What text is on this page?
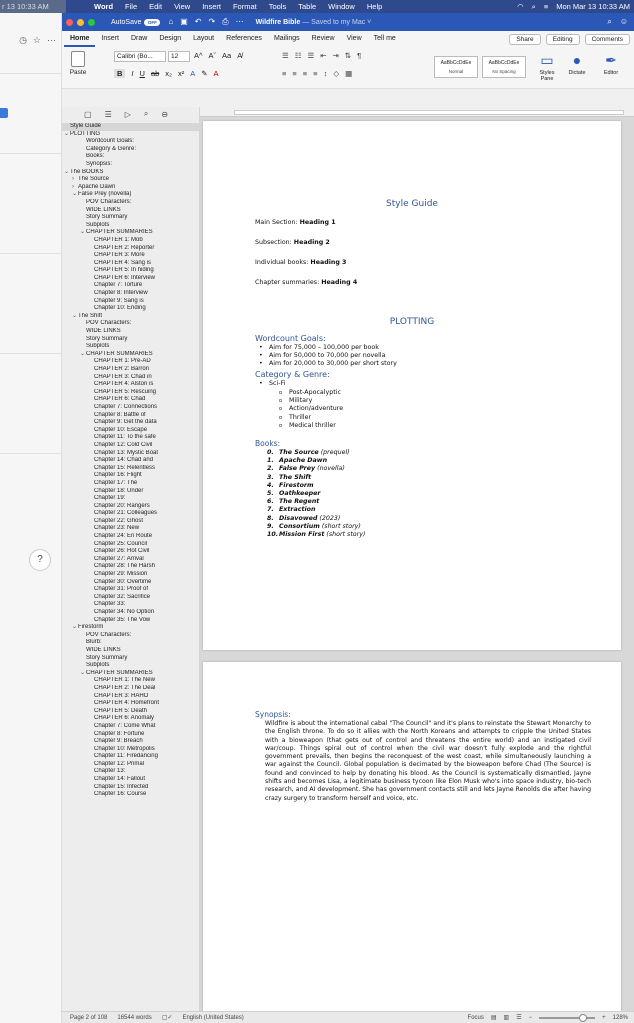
r 13 10:33 AM	Word	File	Edit	View	Insert	Format	Tools	Table	Window	Help	◠ ⌕ ≡ Mon Mar 13 10:33 AM
◷ ☆ ⋯
?
AutoSave	OFF	⌂ ▣ ↶ ↷ ⎙ ⋯ Wildfire Bible — Saved to my Mac ˅	⌕ ☺
Home	Insert	Draw	Design	Layout	References	Mailings	Review	View	Tell me	Share	Editing	Comments
Paste
Calibri (Bo...	12
B	I U ab x₂ x² A ✎ A
A^ Aˇ Aa A̸	☰ ☷ ☰ ⇤ ⇥ ⇅ ¶
≡ ≡ ≡ ≡ ↕ ◇ ▦
AaBbCcDdEe
Normal
AaBbCcDdEe
No Spacing
▭
Styles Pane
●
Dictate
✒
Editor
▢ ☰ ▷ ⌕ ⊖
Style Guide
⌄PLOTTING
Wordcount Goals:
Category & Genre:
Books:
Synopsis:
⌄The BOOKS
› The Source
› Apache Dawn
⌄False Prey (novella)
POV Characters:
WIDE LINKS
Story Summary
Subplots
⌄CHAPTER SUMMARIES
CHAPTER 1: Mob
CHAPTER 2: Reporter
CHAPTER 3: More
CHAPTER 4: Sang is
CHAPTER 5: In hiding
CHAPTER 6: Interview
Chapter 7: Torture
Chapter 8: Interview
Chapter 9: Sang is
Chapter 10: Ending
⌄The Shift
POV Characters:
WIDE LINKS
Story Summary
Subplots
⌄CHAPTER SUMMARIES
CHAPTER 1: Pre-AD
CHAPTER 2: Barron
CHAPTER 3: Chad in
CHAPTER 4: Alston is
CHAPTER 5: Rescuing
CHAPTER 6: Chad
Chapter 7: Connections
Chapter 8: Battle of
Chapter 9: Get the data
Chapter 10: Escape
Chapter 11: To the safe
Chapter 12: Cold Civil
Chapter 13: Mystic Boat
Chapter 14: Chad and
Chapter 15: Relentless
Chapter 16: Flight
Chapter 17: The
Chapter 18: Under
Chapter 19:
Chapter 20: Rangers
Chapter 21: Colleagues
Chapter 22: Ghost
Chapter 23: New
Chapter 24: En Route
Chapter 25: Council
Chapter 26: Hot Civil
Chapter 27: Arrival
Chapter 28: The Harsh
Chapter 29: Mission
Chapter 30: Overtime
Chapter 31: Proof of
Chapter 32: Sacrifice
Chapter 33:
Chapter 34: No Option
Chapter 35: The Vow
⌄Firestorm
POV Characters:
Blurb:
WIDE LINKS
Story Summary
Subplots
⌄CHAPTER SUMMARIES
CHAPTER 1: The New
CHAPTER 2: The Deal
CHAPTER 3: HAHO
CHAPTER 4: Homefront
CHAPTER 5: Death
CHAPTER 6: Anomaly
Chapter 7: Come What
Chapter 8: Fortune
Chapter 9: Breach
Chapter 10: Metropolis
Chapter 11: Firedancing
Chapter 12: Primal
Chapter 13:
Chapter 14: Fallout
Chapter 15: Infected
Chapter 16: Course
Style Guide
Main Section: Heading 1
Subsection: Heading 2
Individual books: Heading 3
Chapter summaries: Heading 4
PLOTTING
Wordcount Goals:
• Aim for 75,000 – 100,000 per book
• Aim for 50,000 to 70,000 per novella
• Aim for 20,000 to 30,000 per short story
Category & Genre:
• Sci-Fi
o Post-Apocalyptic
o Military
o Action/adventure
o Thriller
o Medical thriller
Books:
0. The Source (prequel)
1. Apache Dawn
2. False Prey (novella)
3. The Shift
4. Firestorm
5. Oathkeeper
6. The Regent
7. Extraction
8. Disavowed (2023)
9. Consortium (short story)
10. Mission First (short story)
Synopsis:
Wildfire is about the international cabal "The Council" and it's plans to reinstate the Stewart Monarchy to the English throne. To do so it allies with the North Koreans and attempts to cripple the United States with a bioweapon (that gets out of control and threatens the entire world) and an instigated civil war/coup. Things spiral out of control when the civil war doesn't fully explode and the rightful government prevails, then begins the reconquest of the west coast, while simultaneously launching a war against the Council. Global population is decimated by the bioweapon before Chad (The Source) is found and convinced to help by donating his blood. As the Council is systematically dismantled, Jayne shifts and becomes Lisa, a legitimate business tycoon like Elon Musk who's into space industry, bio-tech research, and AI development. She has government contacts still and lets Jayne Renolds die after having crazy surgery to transform herself and voice, etc.
Page 2 of 108 16544 words ▢✓ English (United States)	Focus ▤ ▥ ☰ −	+ 128%
